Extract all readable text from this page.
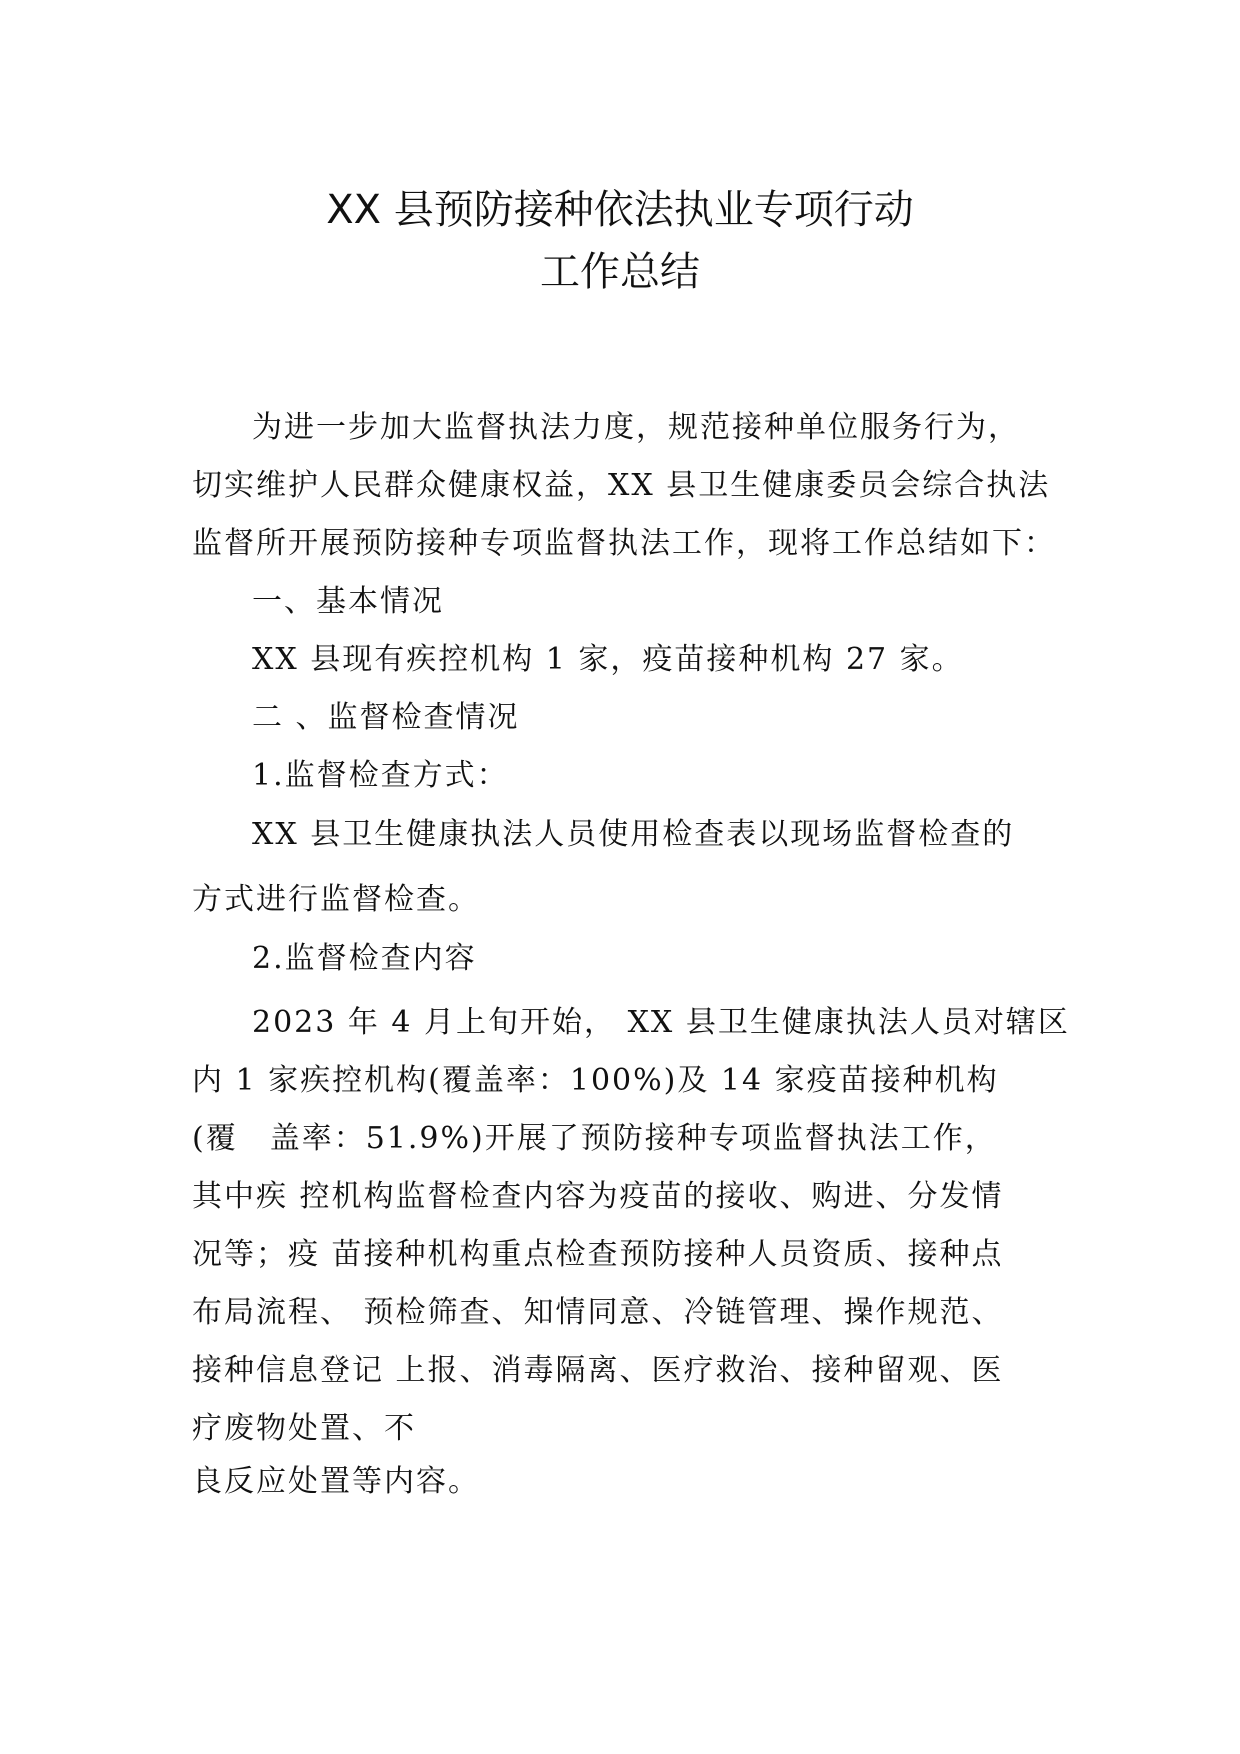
XX 县预防接种依法执业专项行动
工作总结
为进一步加大监督执法力度，规范接种单位服务行为，
切实维护人民群众健康权益，XX 县卫生健康委员会综合执法
监督所开展预防接种专项监督执法工作，现将工作总结如下：
一、基本情况
XX 县现有疾控机构 1 家，疫苗接种机构 27 家。
二 、监督检查情况
1.监督检查方式：
XX 县卫生健康执法人员使用检查表以现场监督检查的
方式进行监督检查。
2.监督检查内容
2023 年 4 月上旬开始， XX 县卫生健康执法人员对辖区
内 1 家疾控机构(覆盖率：100%)及 14 家疫苗接种机构
(覆　盖率：51.9%)开展了预防接种专项监督执法工作，
其中疾 控机构监督检查内容为疫苗的接收、购进、分发情
况等；疫 苗接种机构重点检查预防接种人员资质、接种点
布局流程、 预检筛查、知情同意、冷链管理、操作规范、
接种信息登记 上报、消毒隔离、医疗救治、接种留观、医
疗废物处置、不
良反应处置等内容。
